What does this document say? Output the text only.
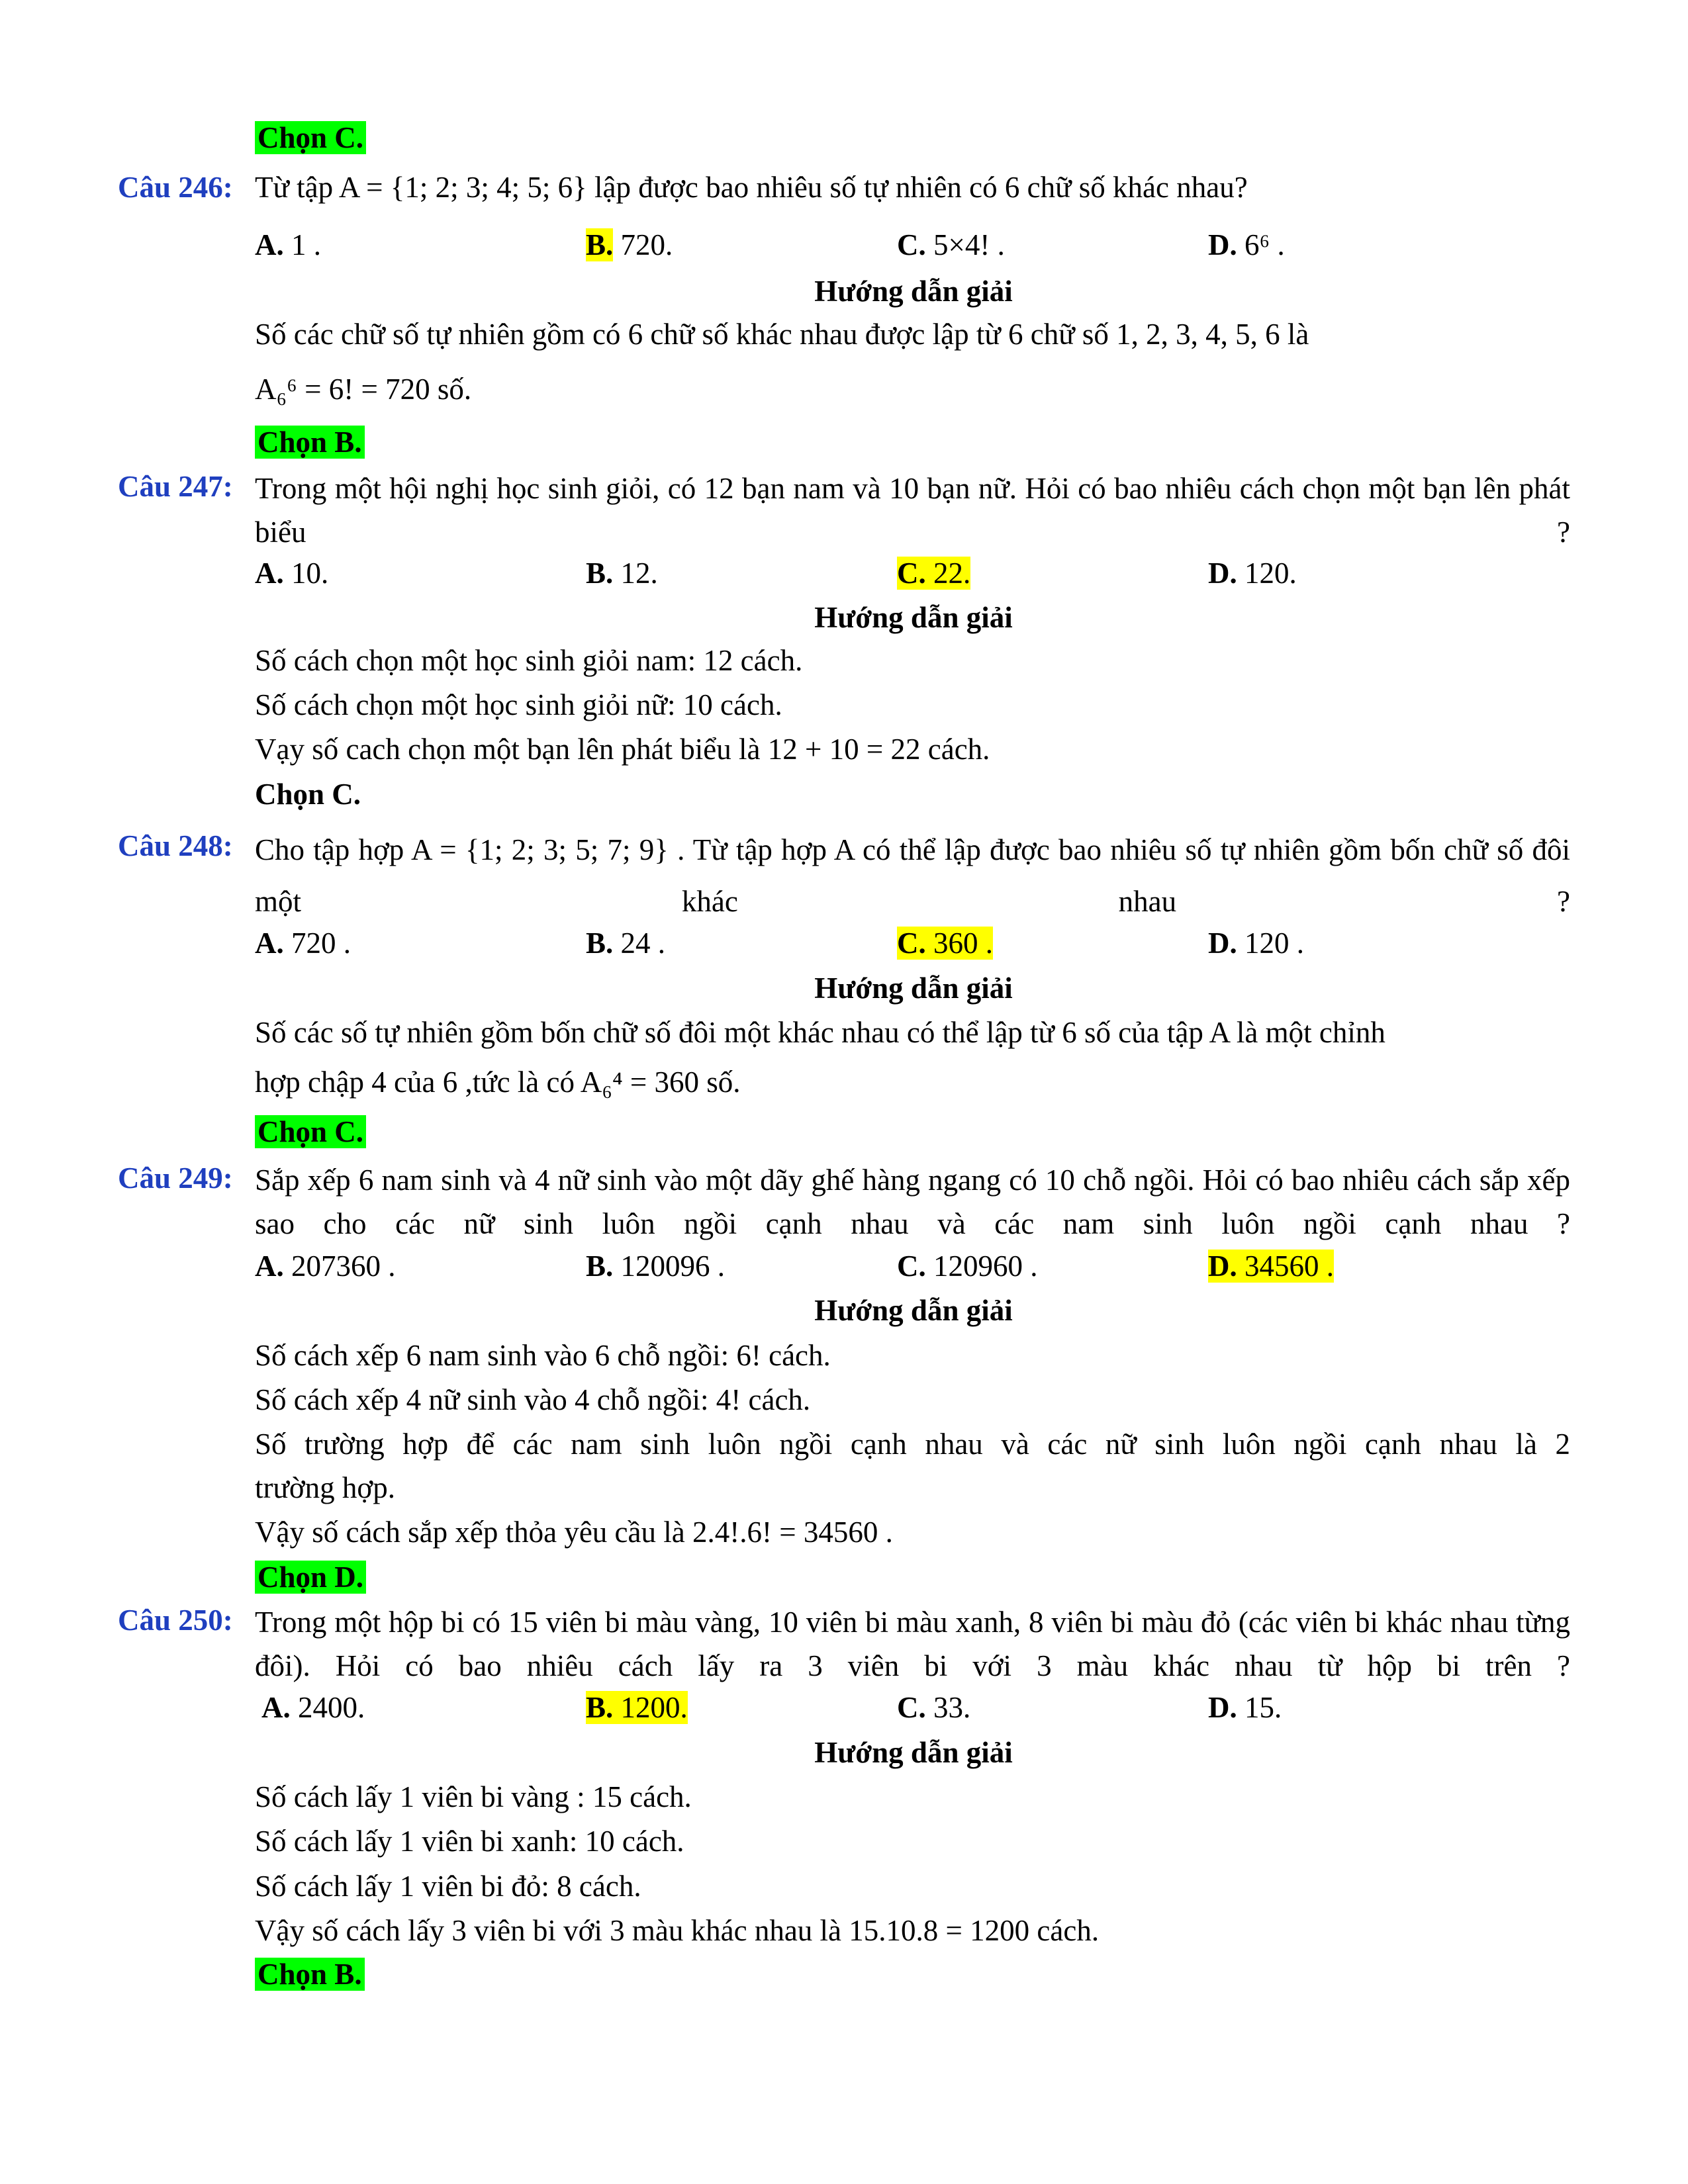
Chọn C.
Câu 246: Từ tập A = {1; 2; 3; 4; 5; 6} lập được bao nhiêu số tự nhiên có 6 chữ số khác nhau?
A. 1 .	B. 720.	C. 5×4! .	D. 6⁶ .
Hướng dẫn giải
Số các chữ số tự nhiên gồm có 6 chữ số khác nhau được lập từ 6 chữ số 1, 2, 3, 4, 5, 6 là
A₆⁶ = 6! = 720 số.
Chọn B.
Câu 247: Trong một hội nghị học sinh giỏi, có 12 bạn nam và 10 bạn nữ. Hỏi có bao nhiêu cách chọn một bạn lên phát biểu ?
A. 10.	B. 12.	C. 22.	D. 120.
Hướng dẫn giải
Số cách chọn một học sinh giỏi nam: 12 cách.
Số cách chọn một học sinh giỏi nữ: 10 cách.
Vạy số cach chọn một bạn lên phát biểu là 12 + 10 = 22 cách.
Chọn C.
Câu 248: Cho tập hợp A = {1; 2; 3; 5; 7; 9} . Từ tập hợp A có thể lập được bao nhiêu số tự nhiên gồm bốn chữ số đôi một khác nhau ?
A. 720 .	B. 24 .	C. 360 .	D. 120 .
Hướng dẫn giải
Số các số tự nhiên gồm bốn chữ số đôi một khác nhau có thể lập từ 6 số của tập A là một chỉnh
hợp chập 4 của 6 ,tức là có A₆⁴ = 360 số.
Chọn C.
Câu 249: Sắp xếp 6 nam sinh và 4 nữ sinh vào một dãy ghế hàng ngang có 10 chỗ ngồi. Hỏi có bao nhiêu cách sắp xếp sao cho các nữ sinh luôn ngồi cạnh nhau và các nam sinh luôn ngồi cạnh nhau ?
A. 207360 .	B. 120096 .	C. 120960 .	D. 34560 .
Hướng dẫn giải
Số cách xếp 6 nam sinh vào 6 chỗ ngồi: 6! cách.
Số cách xếp 4 nữ sinh vào 4 chỗ ngồi: 4! cách.
Số trường hợp để các nam sinh luôn ngồi cạnh nhau và các nữ sinh luôn ngồi cạnh nhau là 2
trường hợp.
Vậy số cách sắp xếp thỏa yêu cầu là 2.4!.6! = 34560 .
Chọn D.
Câu 250: Trong một hộp bi có 15 viên bi màu vàng, 10 viên bi màu xanh, 8 viên bi màu đỏ (các viên bi khác nhau từng đôi). Hỏi có bao nhiêu cách lấy ra 3 viên bi với 3 màu khác nhau từ hộp bi trên ?
A. 2400.	B. 1200.	C. 33.	D. 15.
Hướng dẫn giải
Số cách lấy 1 viên bi vàng : 15 cách.
Số cách lấy 1 viên bi xanh: 10 cách.
Số cách lấy 1 viên bi đỏ: 8 cách.
Vậy số cách lấy 3 viên bi với 3 màu khác nhau là 15.10.8 = 1200 cách.
Chọn B.
